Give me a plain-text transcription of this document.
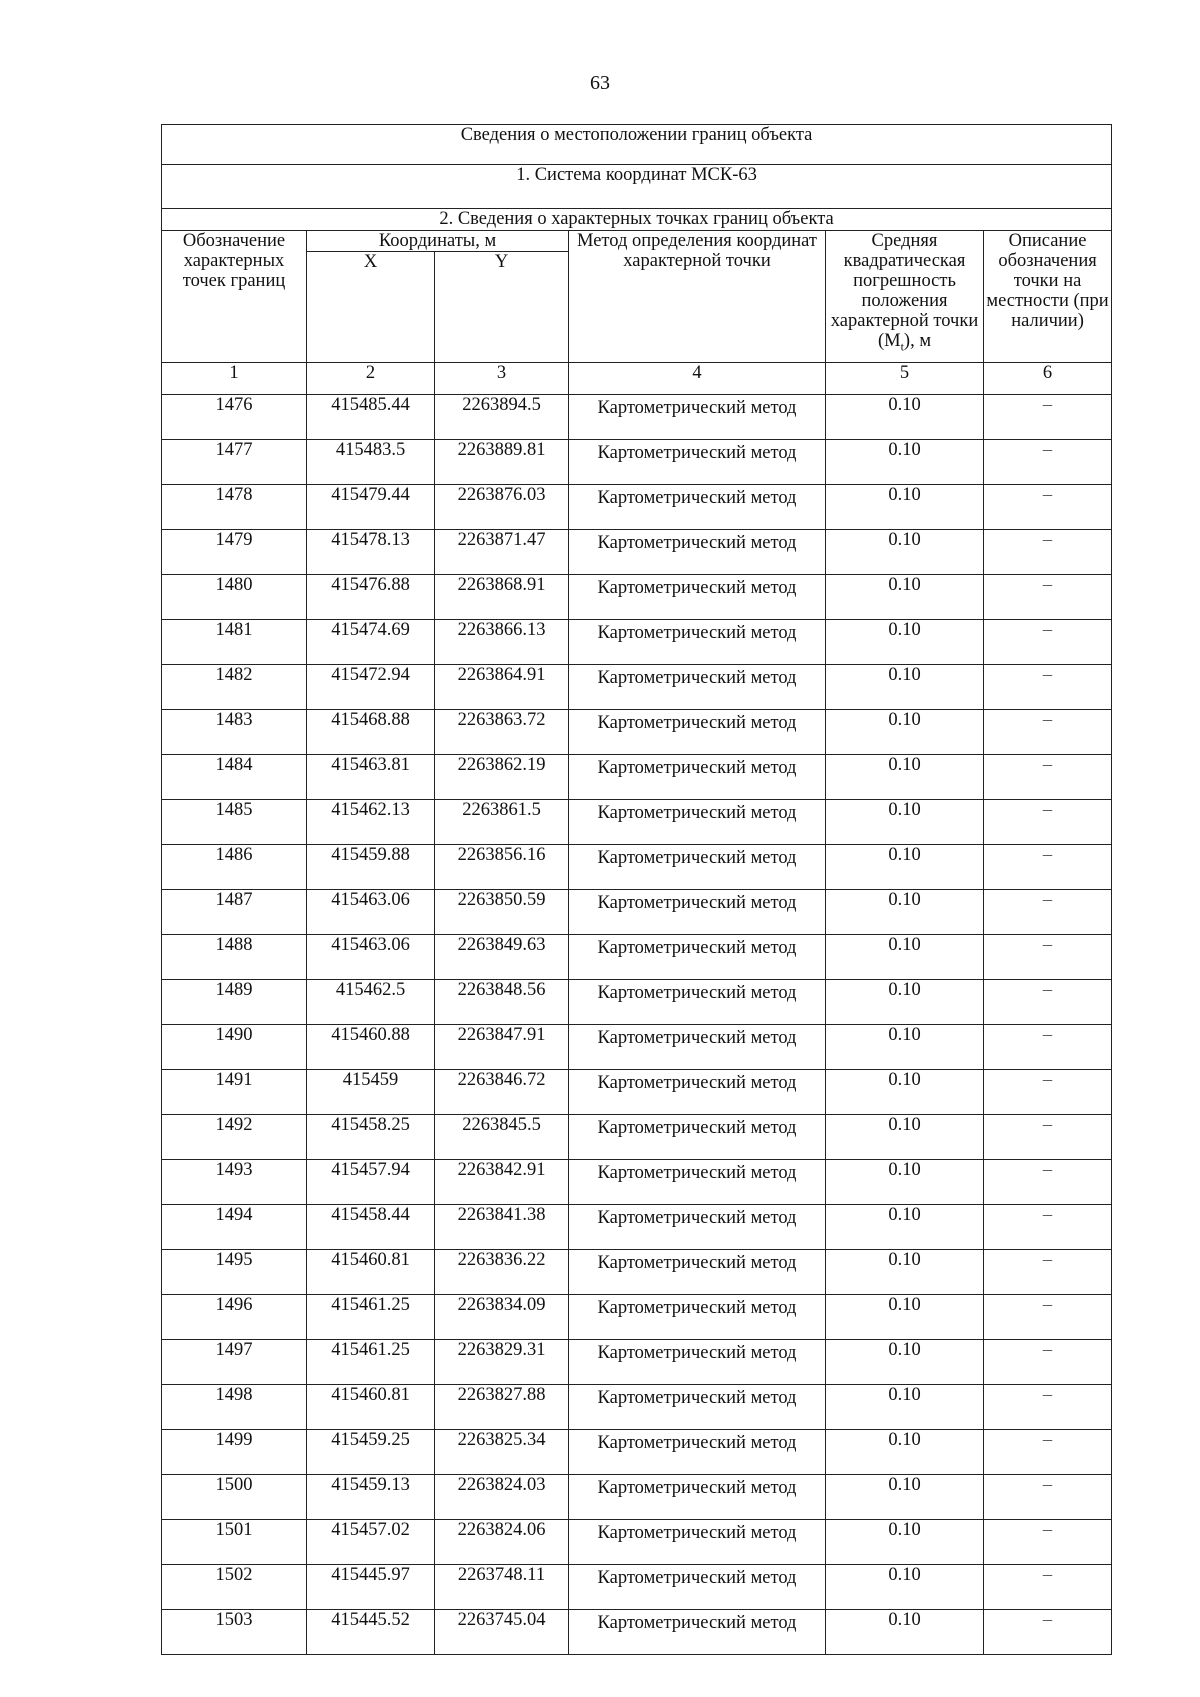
63
Сведения о местоположении границ объекта					
1. Система координат МСК-63					
2. Сведения о характерных точках границ объекта					
Обозначение характерных точек границ	Координаты, м		Метод определения координат характерной точки	Средняя квадратическая погрешность положения характерной точки $(M_t)$, м	Описание обозначения точки на местности (при наличии)
	X	Y			
1	2	3	4	5	6
1476	415485.44	2263894.5	Картометрический метод	0.10	–
1477	415483.5	2263889.81	Картометрический метод	0.10	–
1478	415479.44	2263876.03	Картометрический метод	0.10	–
1479	415478.13	2263871.47	Картометрический метод	0.10	–
1480	415476.88	2263868.91	Картометрический метод	0.10	–
1481	415474.69	2263866.13	Картометрический метод	0.10	–
1482	415472.94	2263864.91	Картометрический метод	0.10	–
1483	415468.88	2263863.72	Картометрический метод	0.10	–
1484	415463.81	2263862.19	Картометрический метод	0.10	–
1485	415462.13	2263861.5	Картометрический метод	0.10	–
1486	415459.88	2263856.16	Картометрический метод	0.10	–
1487	415463.06	2263850.59	Картометрический метод	0.10	–
1488	415463.06	2263849.63	Картометрический метод	0.10	–
1489	415462.5	2263848.56	Картометрический метод	0.10	–
1490	415460.88	2263847.91	Картометрический метод	0.10	–
1491	415459	2263846.72	Картометрический метод	0.10	–
1492	415458.25	2263845.5	Картометрический метод	0.10	–
1493	415457.94	2263842.91	Картометрический метод	0.10	–
1494	415458.44	2263841.38	Картометрический метод	0.10	–
1495	415460.81	2263836.22	Картометрический метод	0.10	–
1496	415461.25	2263834.09	Картометрический метод	0.10	–
1497	415461.25	2263829.31	Картометрический метод	0.10	–
1498	415460.81	2263827.88	Картометрический метод	0.10	–
1499	415459.25	2263825.34	Картометрический метод	0.10	–
1500	415459.13	2263824.03	Картометрический метод	0.10	–
1501	415457.02	2263824.06	Картометрический метод	0.10	–
1502	415445.97	2263748.11	Картометрический метод	0.10	–
1503	415445.52	2263745.04	Картометрический метод	0.10	–
